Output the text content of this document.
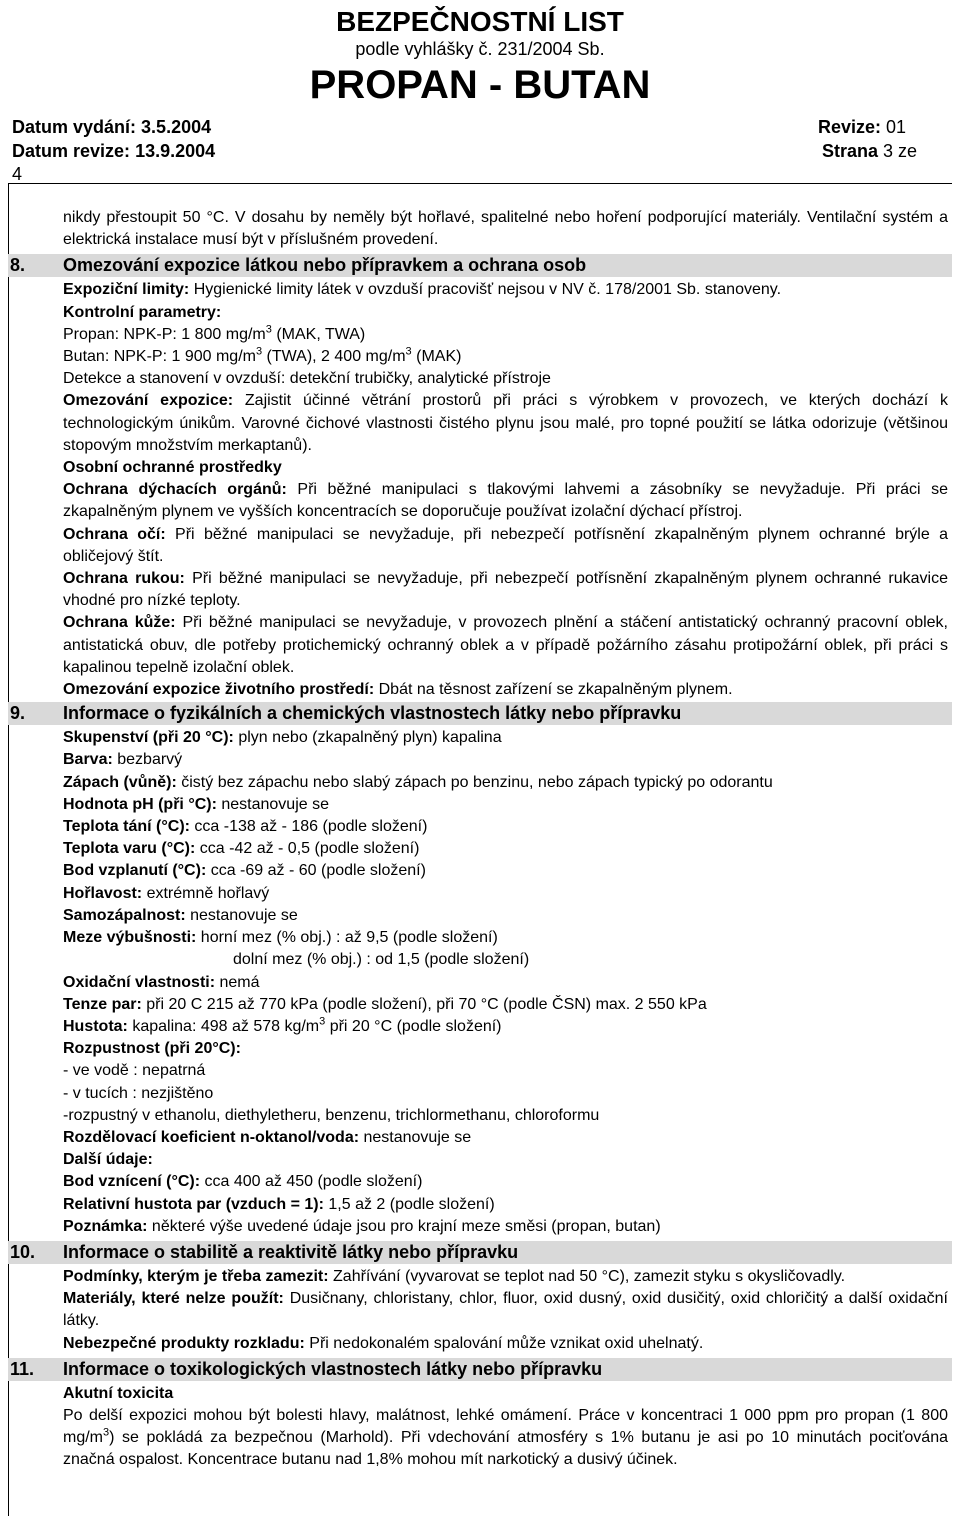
BEZPEČNOSTNÍ LIST
podle vyhlášky č. 231/2004 Sb.
PROPAN - BUTAN
Datum vydání: 3.5.2004	Revize: 01
Datum revize: 13.9.2004	Strana 3 ze
4

nikdy přestoupit 50 °C. V dosahu by neměly být hořlavé, spalitelné nebo hoření podporující materiály. Ventilační systém a elektrická instalace musí být v příslušném provedení.

8. Omezování expozice látkou nebo přípravkem a ochrana osob

Expoziční limity: Hygienické limity látek v ovzduší pracovišť nejsou v NV č. 178/2001 Sb. stanoveny.

Kontrolní parametry:

Propan: NPK-P: 1 800 $mg/m^3$ (MAK, TWA)

Butan: NPK-P: 1 900 $mg/m^3$ (TWA), 2 400 $mg/m^3$ (MAK)

Detekce a stanovení v ovzduší: detekční trubičky, analytické přístroje

Omezování expozice: Zajistit účinné větrání prostorů při práci s výrobkem v provozech, ve kterých dochází k technologickým únikům. Varovné čichové vlastnosti čistého plynu jsou malé, pro topné použití se látka odorizuje (většinou stopovým množstvím merkaptanů).

Osobní ochranné prostředky

Ochrana dýchacích orgánů: Při běžné manipulaci s tlakovými lahvemi a zásobníky se nevyžaduje. Při práci se zkapalněným plynem ve vyšších koncentracích se doporučuje používat izolační dýchací přístroj.

Ochrana očí: Při běžné manipulaci se nevyžaduje, při nebezpečí potřísnění zkapalněným plynem ochranné brýle a obličejový štít.

Ochrana rukou: Při běžné manipulaci se nevyžaduje, při nebezpečí potřísnění zkapalněným plynem ochranné rukavice vhodné pro nízké teploty.

Ochrana kůže: Při běžné manipulaci se nevyžaduje, v provozech plnění a stáčení antistatický ochranný pracovní oblek, antistatická obuv, dle potřeby protichemický ochranný oblek a v případě požárního zásahu protipožární oblek, při práci s kapalinou tepelně izolační oblek.

Omezování expozice životního prostředí: Dbát na těsnost zařízení se zkapalněným plynem.

9. Informace o fyzikálních a chemických vlastnostech látky nebo přípravku

Skupenství (při 20 °C): plyn nebo (zkapalněný plyn) kapalina

Barva: bezbarvý

Zápach (vůně): čistý bez zápachu nebo slabý zápach po benzinu, nebo zápach typický po odorantu

Hodnota pH (při °C): nestanovuje se

Teplota tání (°C): cca -138 až - 186 (podle složení)

Teplota varu (°C): cca -42 až - 0,5 (podle složení)

Bod vzplanutí (°C): cca -69 až - 60 (podle složení)

Hořlavost: extrémně hořlavý

Samozápalnost: nestanovuje se

Meze výbušnosti: horní mez (% obj.) : až 9,5 (podle složení)

dolní mez (% obj.) : od 1,5 (podle složení)

Oxidační vlastnosti: nemá

Tenze par: při 20 C 215 až 770 kPa (podle složení), při 70 °C (podle ČSN) max. 2 550 kPa

Hustota: kapalina: 498 až 578 $kg/m^3$ při 20 °C (podle složení)

Rozpustnost (při 20°C):

- ve vodě : nepatrná

- v tucích : nezjištěno

-rozpustný v ethanolu, diethyletheru, benzenu, trichlormethanu, chloroformu

Rozdělovací koeficient n-oktanol/voda: nestanovuje se

Další údaje:

Bod vznícení (°C): cca 400 až 450 (podle složení)

Relativní hustota par (vzduch = 1): 1,5 až 2 (podle složení)

Poznámka: některé výše uvedené údaje jsou pro krajní meze směsi (propan, butan)

10. Informace o stabilitě a reaktivitě látky nebo přípravku

Podmínky, kterým je třeba zamezit: Zahřívání (vyvarovat se teplot nad 50 °C), zamezit styku s okysličovadly.

Materiály, které nelze použít: Dusičnany, chloristany, chlor, fluor, oxid dusný, oxid dusičitý, oxid chloričitý a další oxidační látky.

Nebezpečné produkty rozkladu: Při nedokonalém spalování může vznikat oxid uhelnatý.

11. Informace o toxikologických vlastnostech látky nebo přípravku

Akutní toxicita

Po delší expozici mohou být bolesti hlavy, malátnost, lehké omámení. Práce v koncentraci 1 000 ppm pro propan (1 800 $mg/m^3$) se pokládá za bezpečnou (Marhold). Při vdechování atmosféry s 1% butanu je asi po 10 minutách pociťována značná ospalost. Koncentrace butanu nad 1,8% mohou mít narkotický a dusivý účinek.
